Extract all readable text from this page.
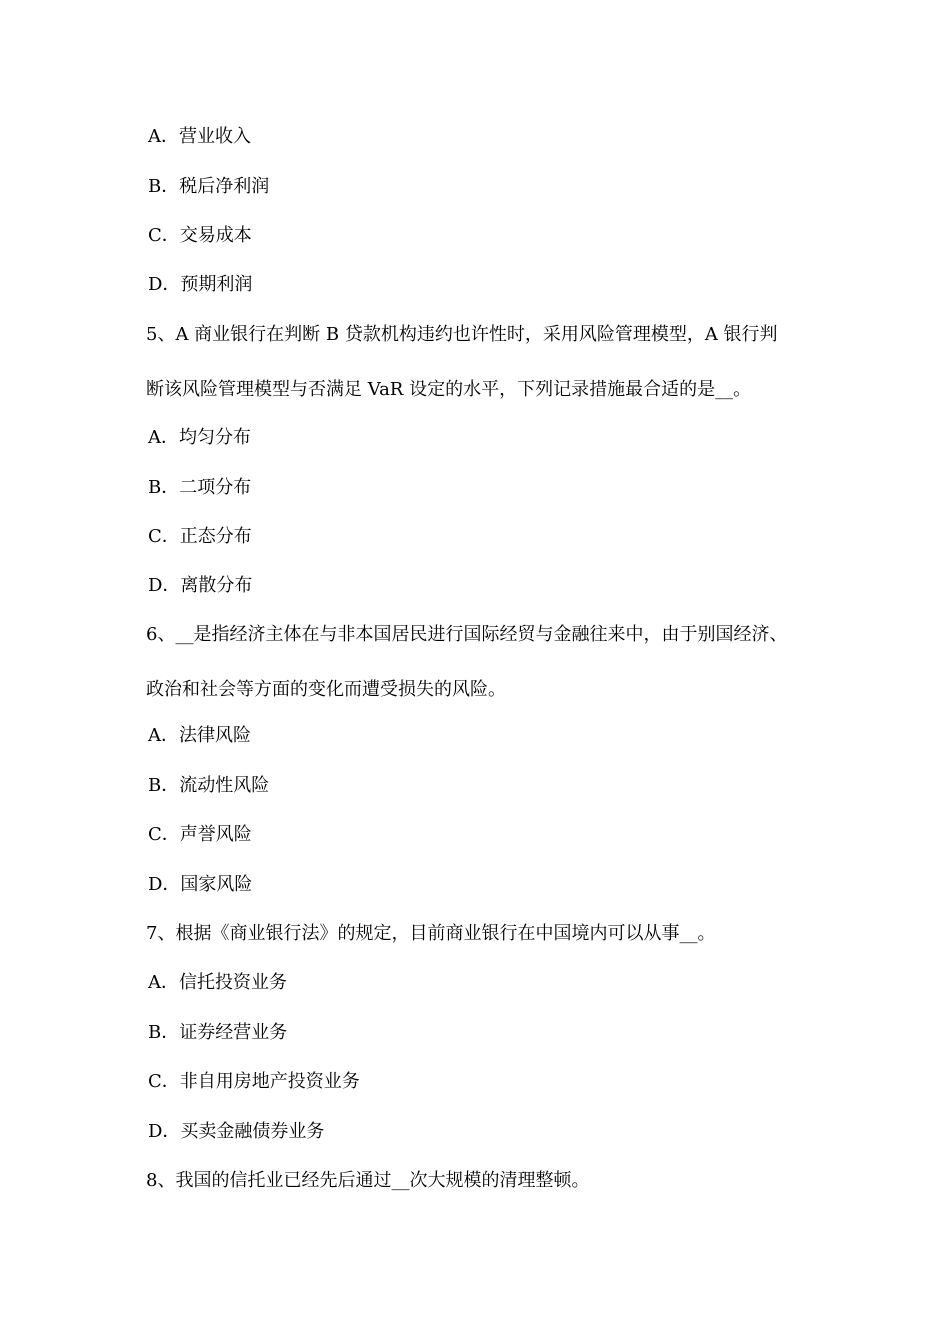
A．营业收入
B．税后净利润
C．交易成本
D．预期利润
5、A 商业银行在判断 B 贷款机构违约也许性时，采用风险管理模型，A 银行判
断该风险管理模型与否满足 VaR 设定的水平，下列记录措施最合适的是__。
A．均匀分布
B．二项分布
C．正态分布
D．离散分布
6、__是指经济主体在与非本国居民进行国际经贸与金融往来中，由于别国经济、
政治和社会等方面的变化而遭受损失的风险。
A．法律风险
B．流动性风险
C．声誉风险
D．国家风险
7、根据《商业银行法》的规定，目前商业银行在中国境内可以从事__。
A．信托投资业务
B．证券经营业务
C．非自用房地产投资业务
D．买卖金融债券业务
8、我国的信托业已经先后通过__次大规模的清理整顿。
